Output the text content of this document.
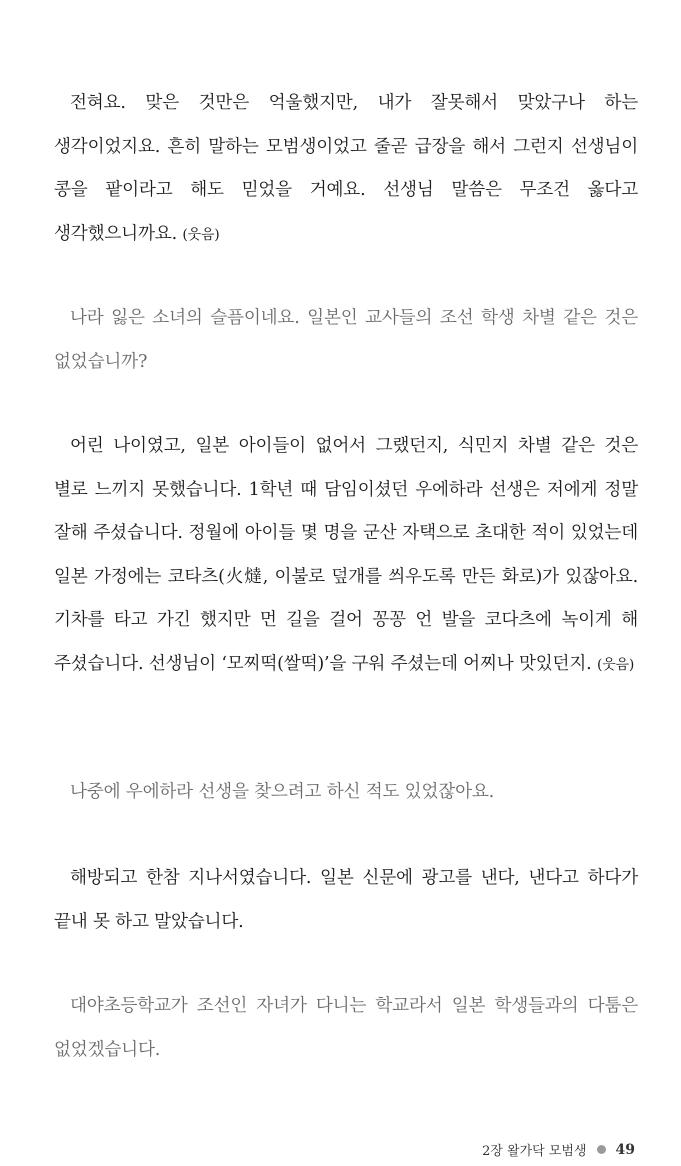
전혀요. 맞은 것만은 억울했지만, 내가 잘못해서 맞았구나 하는 생각이었지요. 흔히 말하는 모범생이었고 줄곧 급장을 해서 그런지 선생님이 콩을 팥이라고 해도 믿었을 거예요. 선생님 말씀은 무조건 옳다고 생각했으니까요. (웃음)

나라 잃은 소녀의 슬픔이네요. 일본인 교사들의 조선 학생 차별 같은 것은 없었습니까?

어린 나이였고, 일본 아이들이 없어서 그랬던지, 식민지 차별 같은 것은 별로 느끼지 못했습니다. 1학년 때 담임이셨던 우에하라 선생은 저에게 정말 잘해 주셨습니다. 정월에 아이들 몇 명을 군산 자택으로 초대한 적이 있었는데 일본 가정에는 코타츠(火燵, 이불로 덮개를 씌우도록 만든 화로)가 있잖아요. 기차를 타고 가긴 했지만 먼 길을 걸어 꽁꽁 언 발을 코다츠에 녹이게 해 주셨습니다. 선생님이 ‘모찌떡(쌀떡)’을 구워 주셨는데 어찌나 맛있던지. (웃음)

나중에 우에하라 선생을 찾으려고 하신 적도 있었잖아요.

해방되고 한참 지나서였습니다. 일본 신문에 광고를 낸다, 낸다고 하다가 끝내 못 하고 말았습니다.

대야초등학교가 조선인 자녀가 다니는 학교라서 일본 학생들과의 다툼은 없었겠습니다.

2장 왈가닥 모범생 49
